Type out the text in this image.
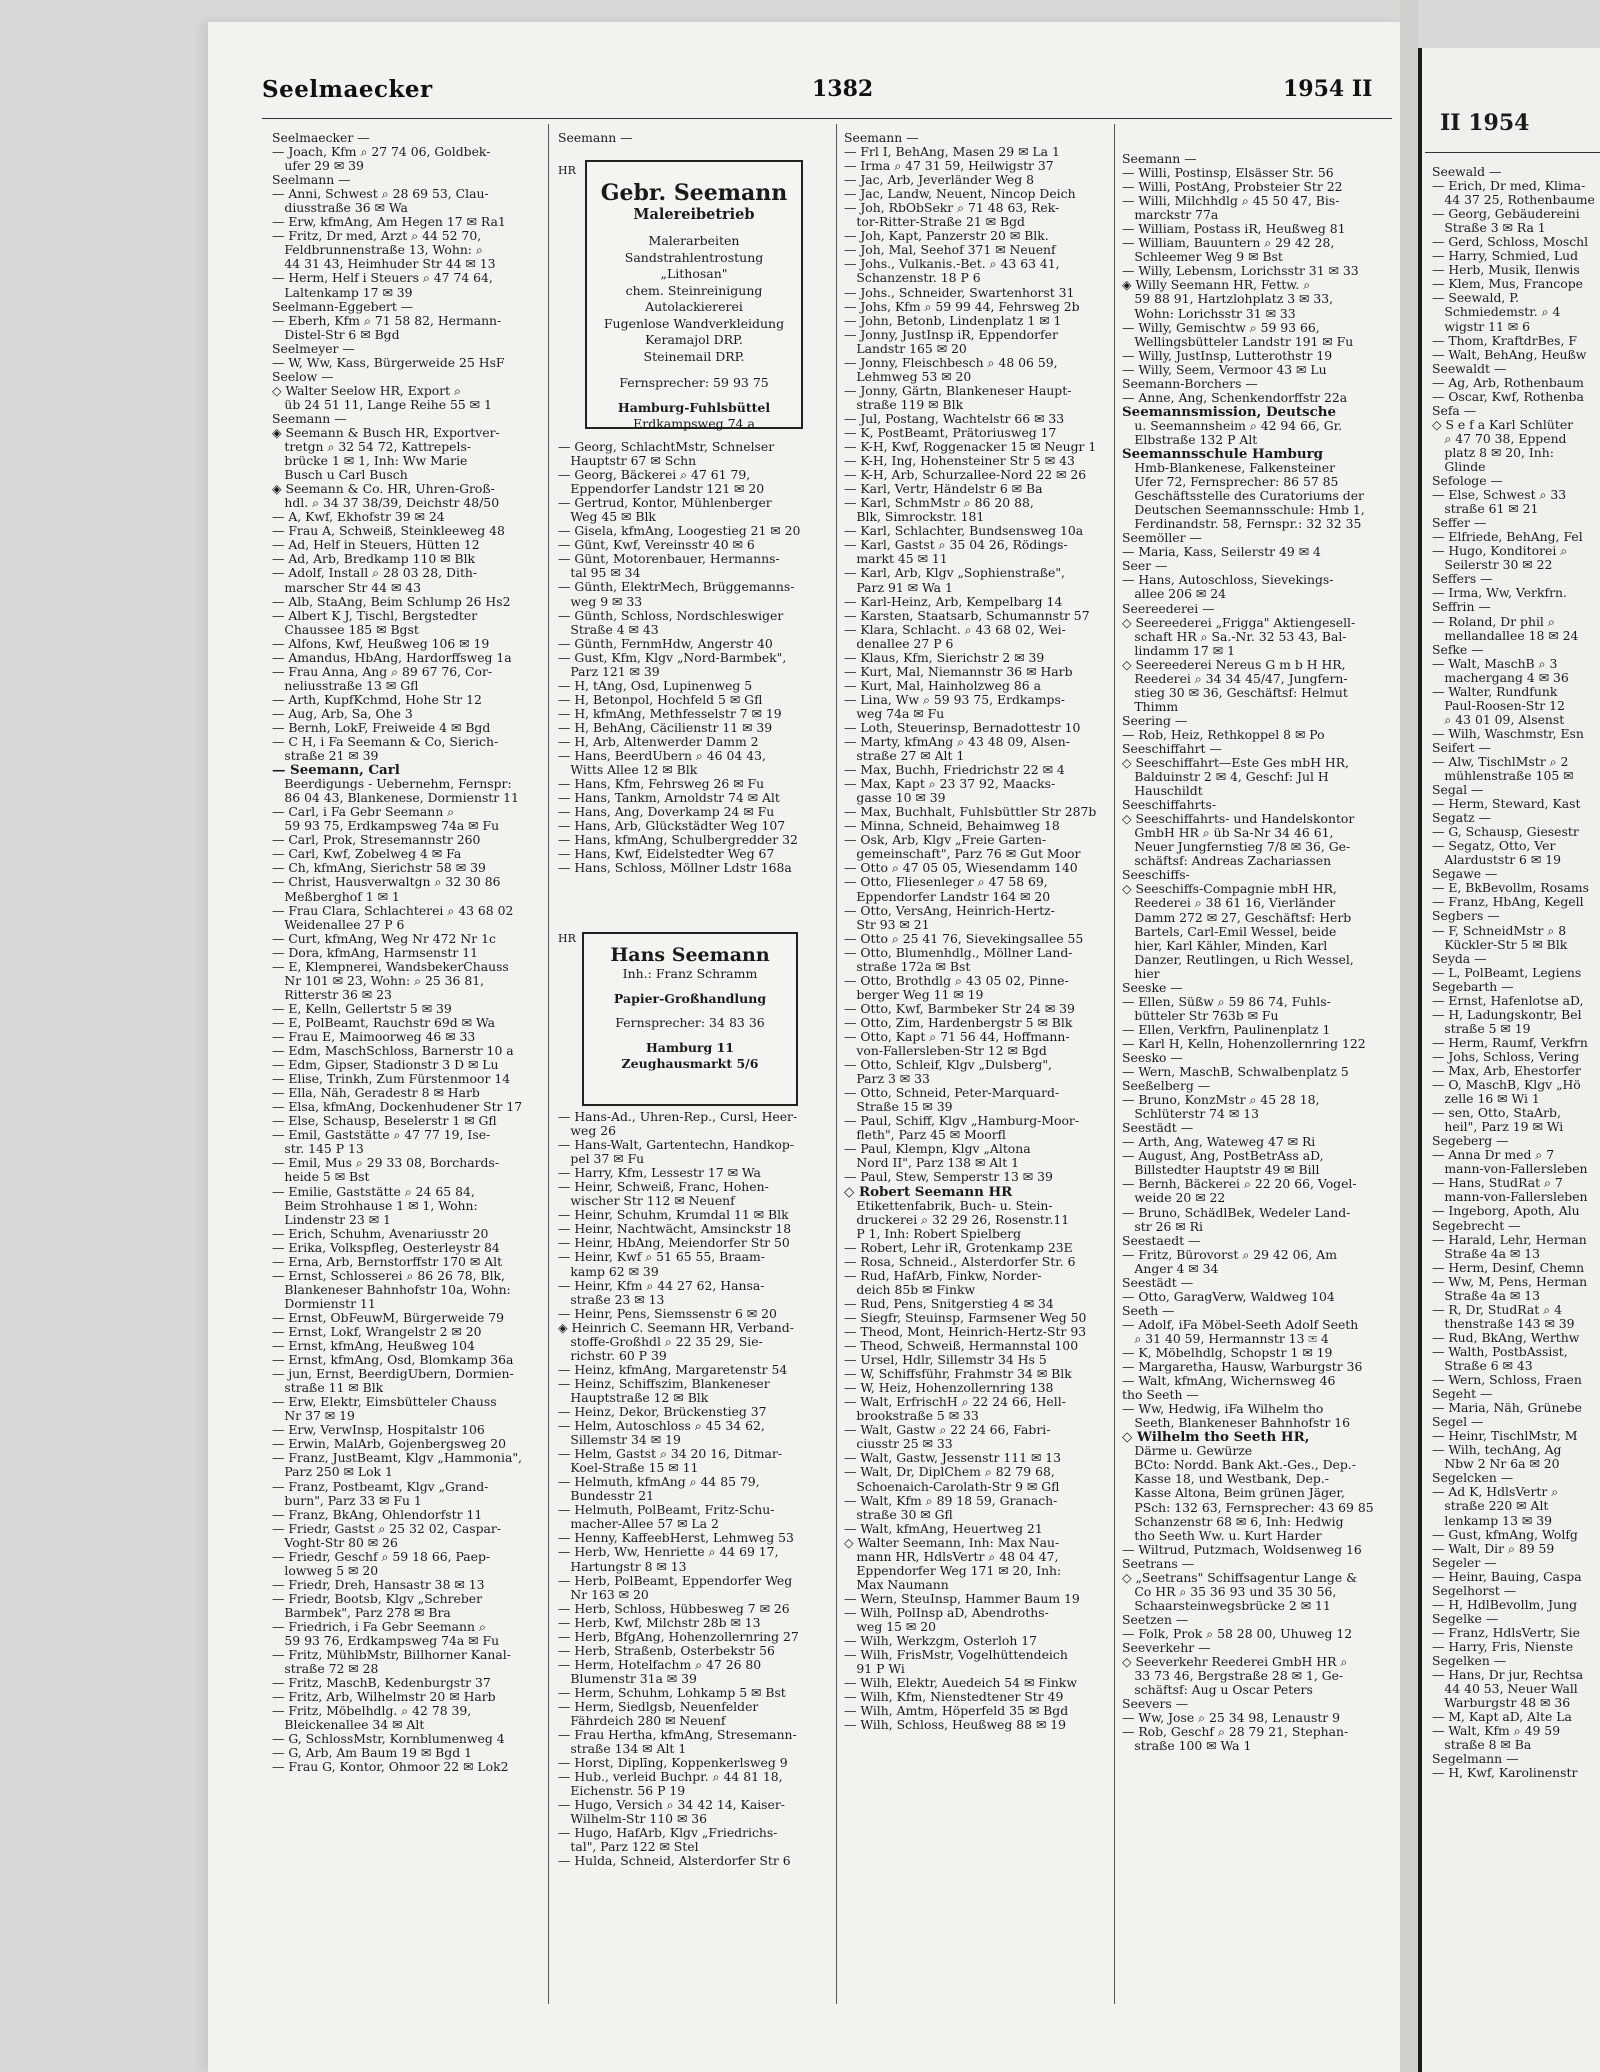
Seelmaecker	1382	1954 II
II 1954
Seelmaecker —
— Joach, Kfm ⌕ 27 74 06, Goldbek-
 ufer 29 ✉ 39
Seelmann —
— Anni, Schwest ⌕ 28 69 53, Clau-
 diusstraße 36 ✉ Wa
— Erw, kfmAng, Am Hegen 17 ✉ Ra1
— Fritz, Dr med, Arzt ⌕ 44 52 70,
 Feldbrunnenstraße 13, Wohn: ⌕
 44 31 43, Heimhuder Str 44 ✉ 13
— Herm, Helf i Steuers ⌕ 47 74 64,
 Laltenkamp 17 ✉ 39
Seelmann-Eggebert —
— Eberh, Kfm ⌕ 71 58 82, Hermann-
 Distel-Str 6 ✉ Bgd
Seelmeyer —
— W, Ww, Kass, Bürgerweide 25 HsF
Seelow —
◇ Walter Seelow HR, Export ⌕
 üb 24 51 11, Lange Reihe 55 ✉ 1
Seemann —
◈ Seemann & Busch HR, Exportver-
 tretgn ⌕ 32 54 72, Kattrepels-
 brücke 1 ✉ 1, Inh: Ww Marie
 Busch u Carl Busch
◈ Seemann & Co. HR, Uhren-Groß-
 hdl. ⌕ 34 37 38/39, Deichstr 48/50
— A, Kwf, Ekhofstr 39 ✉ 24
— Frau A, Schweiß, Steinkleeweg 48
— Ad, Helf in Steuers, Hütten 12
— Ad, Arb, Bredkamp 110 ✉ Blk
— Adolf, Install ⌕ 28 03 28, Dith-
 marscher Str 44 ✉ 43
— Alb, StaAng, Beim Schlump 26 Hs2
— Albert K J, Tischl, Bergstedter
 Chaussee 185 ✉ Bgst
— Alfons, Kwf, Heußweg 106 ✉ 19
— Amandus, HbAng, Hardorffsweg 1a
— Frau Anna, Ang ⌕ 89 67 76, Cor-
 neliusstraße 13 ✉ Gfl
— Arth, KupfKchmd, Hohe Str 12
— Aug, Arb, Sa, Ohe 3
— Bernh, LokF, Freiweide 4 ✉ Bgd
— C H, i Fa Seemann & Co, Sierich-
 straße 21 ✉ 39
— Seemann, Carl
 Beerdigungs - Uebernehm, Fernspr:
 86 04 43, Blankenese, Dormienstr 11
— Carl, i Fa Gebr Seemann ⌕
 59 93 75, Erdkampsweg 74a ✉ Fu
— Carl, Prok, Stresemannstr 260
— Carl, Kwf, Zobelweg 4 ✉ Fa
— Ch, kfmAng, Sierichstr 58 ✉ 39
— Christ, Hausverwaltgn ⌕ 32 30 86
 Meßberghof 1 ✉ 1
— Frau Clara, Schlachterei ⌕ 43 68 02
 Weidenallee 27 P 6
— Curt, kfmAng, Weg Nr 472 Nr 1c
— Dora, kfmAng, Harmsenstr 11
— E, Klempnerei, WandsbekerChauss
 Nr 101 ✉ 23, Wohn: ⌕ 25 36 81,
 Ritterstr 36 ✉ 23
— E, Kelln, Gellertstr 5 ✉ 39
— E, PolBeamt, Rauchstr 69d ✉ Wa
— Frau E, Maimoorweg 46 ✉ 33
— Edm, MaschSchloss, Barnerstr 10 a
— Edm, Gipser, Stadionstr 3 D ✉ Lu
— Elise, Trinkh, Zum Fürstenmoor 14
— Ella, Näh, Geradestr 8 ✉ Harb
— Elsa, kfmAng, Dockenhudener Str 17
— Else, Schausp, Beselerstr 1 ✉ Gfl
— Emil, Gaststätte ⌕ 47 77 19, Ise-
 str. 145 P 13
— Emil, Mus ⌕ 29 33 08, Borchards-
 heide 5 ✉ Bst
— Emilie, Gaststätte ⌕ 24 65 84,
 Beim Strohhause 1 ✉ 1, Wohn:
 Lindenstr 23 ✉ 1
— Erich, Schuhm, Avenariusstr 20
— Erika, Volkspfleg, Oesterleystr 84
— Erna, Arb, Bernstorffstr 170 ✉ Alt
— Ernst, Schlosserei ⌕ 86 26 78, Blk,
 Blankeneser Bahnhofstr 10a, Wohn:
 Dormienstr 11
— Ernst, ObFeuwM, Bürgerweide 79
— Ernst, Lokf, Wrangelstr 2 ✉ 20
— Ernst, kfmAng, Heußweg 104
— Ernst, kfmAng, Osd, Blomkamp 36a
— jun, Ernst, BeerdigUbern, Dormien-
 straße 11 ✉ Blk
— Erw, Elektr, Eimsbütteler Chauss
 Nr 37 ✉ 19
— Erw, VerwInsp, Hospitalstr 106
— Erwin, MalArb, Gojenbergsweg 20
— Franz, JustBeamt, Klgv „Hammonia",
 Parz 250 ✉ Lok 1
— Franz, Postbeamt, Klgv „Grand-
 burn", Parz 33 ✉ Fu 1
— Franz, BkAng, Ohlendorfstr 11
— Friedr, Gastst ⌕ 25 32 02, Caspar-
 Voght-Str 80 ✉ 26
— Friedr, Geschf ⌕ 59 18 66, Paep-
 lowweg 5 ✉ 20
— Friedr, Dreh, Hansastr 38 ✉ 13
— Friedr, Bootsb, Klgv „Schreber
 Barmbek", Parz 278 ✉ Bra
— Friedrich, i Fa Gebr Seemann ⌕
 59 93 76, Erdkampsweg 74a ✉ Fu
— Fritz, MühlbMstr, Billhorner Kanal-
 straße 72 ✉ 28
— Fritz, MaschB, Kedenburgstr 37
— Fritz, Arb, Wilhelmstr 20 ✉ Harb
— Fritz, Möbelhdlg. ⌕ 42 78 39,
 Bleickenallee 34 ✉ Alt
— G, SchlossMstr, Kornblumenweg 4
— G, Arb, Am Baum 19 ✉ Bgd 1
— Frau G, Kontor, Ohmoor 22 ✉ Lok2
Seemann —
HR
Gebr. Seemann
Malereibetrieb
Malerarbeiten
Sandstrahlentrostung
„Lithosan"
chem. Steinreinigung
Autolackiererei
Fugenlose Wandverkleidung
Keramajol DRP.
Steinemail DRP.
Fernsprecher: 59 93 75
Hamburg-Fuhlsbüttel
Erdkampsweg 74 a
— Georg, SchlachtMstr, Schnelser
 Hauptstr 67 ✉ Schn
— Georg, Bäckerei ⌕ 47 61 79,
 Eppendorfer Landstr 121 ✉ 20
— Gertrud, Kontor, Mühlenberger
 Weg 45 ✉ Blk
— Gisela, kfmAng, Loogestieg 21 ✉ 20
— Günt, Kwf, Vereinsstr 40 ✉ 6
— Günt, Motorenbauer, Hermanns-
 tal 95 ✉ 34
— Günth, ElektrMech, Brüggemanns-
 weg 9 ✉ 33
— Günth, Schloss, Nordschleswiger
 Straße 4 ✉ 43
— Günth, FernmHdw, Angerstr 40
— Gust, Kfm, Klgv „Nord-Barmbek",
 Parz 121 ✉ 39
— H, tAng, Osd, Lupinenweg 5
— H, Betonpol, Hochfeld 5 ✉ Gfl
— H, kfmAng, Methfesselstr 7 ✉ 19
— H, BehAng, Cäcilienstr 11 ✉ 39
— H, Arb, Altenwerder Damm 2
— Hans, BeerdUbern ⌕ 46 04 43,
 Witts Allee 12 ✉ Blk
— Hans, Kfm, Fehrsweg 26 ✉ Fu
— Hans, Tankm, Arnoldstr 74 ✉ Alt
— Hans, Ang, Doverkamp 24 ✉ Fu
— Hans, Arb, Glückstädter Weg 107
— Hans, kfmAng, Schulbergredder 32
— Hans, Kwf, Eidelstedter Weg 67
— Hans, Schloss, Möllner Ldstr 168a
HR
Hans Seemann
Inh.: Franz Schramm
Papier-Großhandlung
Fernsprecher: 34 83 36
Hamburg 11
Zeughausmarkt 5/6
— Hans-Ad., Uhren-Rep., Cursl, Heer-
 weg 26
— Hans-Walt, Gartentechn, Handkop-
 pel 37 ✉ Fu
— Harry, Kfm, Lessestr 17 ✉ Wa
— Heinr, Schweiß, Franc, Hohen-
 wischer Str 112 ✉ Neuenf
— Heinr, Schuhm, Krumdal 11 ✉ Blk
— Heinr, Nachtwächt, Amsinckstr 18
— Heinr, HbAng, Meiendorfer Str 50
— Heinr, Kwf ⌕ 51 65 55, Braam-
 kamp 62 ✉ 39
— Heinr, Kfm ⌕ 44 27 62, Hansa-
 straße 23 ✉ 13
— Heinr, Pens, Siemssenstr 6 ✉ 20
◈ Heinrich C. Seemann HR, Verband-
 stoffe-Großhdl ⌕ 22 35 29, Sie-
 richstr. 60 P 39
— Heinz, kfmAng, Margaretenstr 54
— Heinz, Schiffszim, Blankeneser
 Hauptstraße 12 ✉ Blk
— Heinz, Dekor, Brückenstieg 37
— Helm, Autoschloss ⌕ 45 34 62,
 Sillemstr 34 ✉ 19
— Helm, Gastst ⌕ 34 20 16, Ditmar-
 Koel-Straße 15 ✉ 11
— Helmuth, kfmAng ⌕ 44 85 79,
 Bundesstr 21
— Helmuth, PolBeamt, Fritz-Schu-
 macher-Allee 57 ✉ La 2
— Henny, KaffeebHerst, Lehmweg 53
— Herb, Ww, Henriette ⌕ 44 69 17,
 Hartungstr 8 ✉ 13
— Herb, PolBeamt, Eppendorfer Weg
 Nr 163 ✉ 20
— Herb, Schloss, Hübbesweg 7 ✉ 26
— Herb, Kwf, Milchstr 28b ✉ 13
— Herb, BfgAng, Hohenzollernring 27
— Herb, Straßenb, Osterbekstr 56
— Herm, Hotelfachm ⌕ 47 26 80
 Blumenstr 31a ✉ 39
— Herm, Schuhm, Lohkamp 5 ✉ Bst
— Herm, Siedlgsb, Neuenfelder
 Fährdeich 280 ✉ Neuenf
— Frau Hertha, kfmAng, Stresemann-
 straße 134 ✉ Alt 1
— Horst, Diplīng, Koppenkerlsweg 9
— Hub., verleid Buchpr. ⌕ 44 81 18,
 Eichenstr. 56 P 19
— Hugo, Versich ⌕ 34 42 14, Kaiser-
 Wilhelm-Str 110 ✉ 36
— Hugo, HafArb, Klgv „Friedrichs-
 tal", Parz 122 ✉ Stel
— Hulda, Schneid, Alsterdorfer Str 6
Seemann —
— Frl I, BehAng, Masen 29 ✉ La 1
— Irma ⌕ 47 31 59, Heilwigstr 37
— Jac, Arb, Jeverländer Weg 8
— Jac, Landw, Neuent, Nincop Deich
— Joh, RbObSekr ⌕ 71 48 63, Rek-
 tor-Ritter-Straße 21 ✉ Bgd
— Joh, Kapt, Panzerstr 20 ✉ Blk.
— Joh, Mal, Seehof 371 ✉ Neuenf
— Johs., Vulkanis.-Bet. ⌕ 43 63 41,
 Schanzenstr. 18 P 6
— Johs., Schneider, Swartenhorst 31
— Johs, Kfm ⌕ 59 99 44, Fehrsweg 2b
— John, Betonb, Lindenplatz 1 ✉ 1
— Jonny, JustInsp iR, Eppendorfer
 Landstr 165 ✉ 20
— Jonny, Fleischbesch ⌕ 48 06 59,
 Lehmweg 53 ✉ 20
— Jonny, Gärtn, Blankeneser Haupt-
 straße 119 ✉ Blk
— Jul, Postang, Wachtelstr 66 ✉ 33
— K, PostBeamt, Prätoriusweg 17
— K-H, Kwf, Roggenacker 15 ✉ Neugr 1
— K-H, Ing, Hohensteiner Str 5 ✉ 43
— K-H, Arb, Schurzallee-Nord 22 ✉ 26
— Karl, Vertr, Händelstr 6 ✉ Ba
— Karl, SchmMstr ⌕ 86 20 88,
 Blk, Simrockstr. 181
— Karl, Schlachter, Bundsensweg 10a
— Karl, Gastst ⌕ 35 04 26, Rödings-
 markt 45 ✉ 11
— Karl, Arb, Klgv „Sophienstraße",
 Parz 91 ✉ Wa 1
— Karl-Heinz, Arb, Kempelbarg 14
— Karsten, Staatsarb, Schumannstr 57
— Klara, Schlacht. ⌕ 43 68 02, Wei-
 denallee 27 P 6
— Klaus, Kfm, Sierichstr 2 ✉ 39
— Kurt, Mal, Niemannstr 36 ✉ Harb
— Kurt, Mal, Hainholzweg 86 a
— Lina, Ww ⌕ 59 93 75, Erdkamps-
 weg 74a ✉ Fu
— Loth, Steuerinsp, Bernadottestr 10
— Marty, kfmAng ⌕ 43 48 09, Alsen-
 straße 27 ✉ Alt 1
— Max, Buchh, Friedrichstr 22 ✉ 4
— Max, Kapt ⌕ 23 37 92, Maacks-
 gasse 10 ✉ 39
— Max, Buchhalt, Fuhlsbüttler Str 287b
— Minna, Schneid, Behaimweg 18
— Osk, Arb, Klgv „Freie Garten-
 gemeinschaft", Parz 76 ✉ Gut Moor
— Otto ⌕ 47 05 05, Wiesendamm 140
— Otto, Fliesenleger ⌕ 47 58 69,
 Eppendorfer Landstr 164 ✉ 20
— Otto, VersAng, Heinrich-Hertz-
 Str 93 ✉ 21
— Otto ⌕ 25 41 76, Sievekingsallee 55
— Otto, Blumenhdlg., Möllner Land-
 straße 172a ✉ Bst
— Otto, Brothdlg ⌕ 43 05 02, Pinne-
 berger Weg 11 ✉ 19
— Otto, Kwf, Barmbeker Str 24 ✉ 39
— Otto, Zim, Hardenbergstr 5 ✉ Blk
— Otto, Kapt ⌕ 71 56 44, Hoffmann-
 von-Fallersleben-Str 12 ✉ Bgd
— Otto, Schleif, Klgv „Dulsberg",
 Parz 3 ✉ 33
— Otto, Schneid, Peter-Marquard-
 Straße 15 ✉ 39
— Paul, Schiff, Klgv „Hamburg-Moor-
 fleth", Parz 45 ✉ Moorfl
— Paul, Klempn, Klgv „Altona
 Nord II", Parz 138 ✉ Alt 1
— Paul, Stew, Semperstr 13 ✉ 39
◇ Robert Seemann HR
 Etikettenfabrik, Buch- u. Stein-
 druckerei ⌕ 32 29 26, Rosenstr.11
 P 1, Inh: Robert Spielberg
— Robert, Lehr iR, Grotenkamp 23E
— Rosa, Schneid., Alsterdorfer Str. 6
— Rud, HafArb, Finkw, Norder-
 deich 85b ✉ Finkw
— Rud, Pens, Snitgerstieg 4 ✉ 34
— Siegfr, Steuinsp, Farmsener Weg 50
— Theod, Mont, Heinrich-Hertz-Str 93
— Theod, Schweiß, Hermannstal 100
— Ursel, Hdlr, Sillemstr 34 Hs 5
— W, Schiffsführ, Frahmstr 34 ✉ Blk
— W, Heiz, Hohenzollernring 138
— Walt, ErfrischH ⌕ 22 24 66, Hell-
 brookstraße 5 ✉ 33
— Walt, Gastw ⌕ 22 24 66, Fabri-
 ciusstr 25 ✉ 33
— Walt, Gastw, Jessenstr 111 ✉ 13
— Walt, Dr, DiplChem ⌕ 82 79 68,
 Schoenaich-Carolath-Str 9 ✉ Gfl
— Walt, Kfm ⌕ 89 18 59, Granach-
 straße 30 ✉ Gfl
— Walt, kfmAng, Heuertweg 21
◇ Walter Seemann, Inh: Max Nau-
 mann HR, HdlsVertr ⌕ 48 04 47,
 Eppendorfer Weg 171 ✉ 20, Inh:
 Max Naumann
— Wern, SteuInsp, Hammer Baum 19
— Wilh, PolInsp aD, Abendroths-
 weg 15 ✉ 20
— Wilh, Werkzgm, Osterloh 17
— Wilh, FrisMstr, Vogelhüttendeich
 91 P Wi
— Wilh, Elektr, Auedeich 54 ✉ Finkw
— Wilh, Kfm, Nienstedtener Str 49
— Wilh, Amtm, Höperfeld 35 ✉ Bgd
— Wilh, Schloss, Heußweg 88 ✉ 19
Seemann —
— Willi, Postinsp, Elsässer Str. 56
— Willi, PostAng, Probsteier Str 22
— Willi, Milchhdlg ⌕ 45 50 47, Bis-
 marckstr 77a
— William, Postass iR, Heußweg 81
— William, Bauuntern ⌕ 29 42 28,
 Schleemer Weg 9 ✉ Bst
— Willy, Lebensm, Lorichsstr 31 ✉ 33
◈ Willy Seemann HR, Fettw. ⌕
 59 88 91, Hartzlohplatz 3 ✉ 33,
 Wohn: Lorichsstr 31 ✉ 33
— Willy, Gemischtw ⌕ 59 93 66,
 Wellingsbütteler Landstr 191 ✉ Fu
— Willy, JustInsp, Lutterothstr 19
— Willy, Seem, Vermoor 43 ✉ Lu
Seemann-Borchers —
— Anne, Ang, Schenkendorffstr 22a
Seemannsmission, Deutsche
 u. Seemannsheim ⌕ 42 94 66, Gr.
 Elbstraße 132 P Alt
Seemannsschule Hamburg
 Hmb-Blankenese, Falkensteiner
 Ufer 72, Fernsprecher: 86 57 85
 Geschäftsstelle des Curatoriums der
 Deutschen Seemannsschule: Hmb 1,
 Ferdinandstr. 58, Fernspr.: 32 32 35
Seemöller —
— Maria, Kass, Seilerstr 49 ✉ 4
Seer —
— Hans, Autoschloss, Sievekings-
 allee 206 ✉ 24
Seereederei —
◇ Seereederei „Frigga" Aktiengesell-
 schaft HR ⌕ Sa.-Nr. 32 53 43, Bal-
 lindamm 17 ✉ 1
◇ Seereederei Nereus G m b H HR,
 Reederei ⌕ 34 34 45/47, Jungfern-
 stieg 30 ✉ 36, Geschäftsf: Helmut
 Thimm
Seering —
— Rob, Heiz, Rethkoppel 8 ✉ Po
Seeschiffahrt —
◇ Seeschiffahrt—Este Ges mbH HR,
 Balduinstr 2 ✉ 4, Geschf: Jul H
 Hauschildt
Seeschiffahrts-
◇ Seeschiffahrts- und Handelskontor
 GmbH HR ⌕ üb Sa-Nr 34 46 61,
 Neuer Jungfernstieg 7/8 ✉ 36, Ge-
 schäftsf: Andreas Zachariassen
Seeschiffs-
◇ Seeschiffs-Compagnie mbH HR,
 Reederei ⌕ 38 61 16, Vierländer
 Damm 272 ✉ 27, Geschäftsf: Herb
 Bartels, Carl-Emil Wessel, beide
 hier, Karl Kähler, Minden, Karl
 Danzer, Reutlingen, u Rich Wessel,
 hier
Seeske —
— Ellen, Süßw ⌕ 59 86 74, Fuhls-
 bütteler Str 763b ✉ Fu
— Ellen, Verkfrn, Paulinenplatz 1
— Karl H, Kelln, Hohenzollernring 122
Seesko —
— Wern, MaschB, Schwalbenplatz 5
Seeßelberg —
— Bruno, KonzMstr ⌕ 45 28 18,
 Schlüterstr 74 ✉ 13
Seestädt —
— Arth, Ang, Wateweg 47 ✉ Ri
— August, Ang, PostBetrAss aD,
 Billstedter Hauptstr 49 ✉ Bill
— Bernh, Bäckerei ⌕ 22 20 66, Vogel-
 weide 20 ✉ 22
— Bruno, SchädlBek, Wedeler Land-
 str 26 ✉ Ri
Seestaedt —
— Fritz, Bürovorst ⌕ 29 42 06, Am
 Anger 4 ✉ 34
Seestädt —
— Otto, GaragVerw, Waldweg 104
Seeth —
— Adolf, iFa Möbel-Seeth Adolf Seeth
 ⌕ 31 40 59, Hermannstr 13 ✉ 4
— K, Möbelhdlg, Schopstr 1 ✉ 19
— Margaretha, Hausw, Warburgstr 36
— Walt, kfmAng, Wichernsweg 46
tho Seeth —
— Ww, Hedwig, iFa Wilhelm tho
 Seeth, Blankeneser Bahnhofstr 16
◇ Wilhelm tho Seeth HR,
 Därme u. Gewürze
 BCto: Nordd. Bank Akt.-Ges., Dep.-
 Kasse 18, und Westbank, Dep.-
 Kasse Altona, Beim grünen Jäger,
 PSch: 132 63, Fernsprecher: 43 69 85
 Schanzenstr 68 ✉ 6, Inh: Hedwig
 tho Seeth Ww. u. Kurt Harder
— Wiltrud, Putzmach, Woldsenweg 16
Seetrans —
◇ „Seetrans" Schiffsagentur Lange &
 Co HR ⌕ 35 36 93 und 35 30 56,
 Schaarsteinwegsbrücke 2 ✉ 11
Seetzen —
— Folk, Prok ⌕ 58 28 00, Uhuweg 12
Seeverkehr —
◇ Seeverkehr Reederei GmbH HR ⌕
 33 73 46, Bergstraße 28 ✉ 1, Ge-
 schäftsf: Aug u Oscar Peters
Seevers —
— Ww, Jose ⌕ 25 34 98, Lenaustr 9
— Rob, Geschf ⌕ 28 79 21, Stephan-
 straße 100 ✉ Wa 1
Seewald —
— Erich, Dr med, Klima-
 44 37 25, Rothenbaume
— Georg, Gebäudereini
 Straße 3 ✉ Ra 1
— Gerd, Schloss, Moschl
— Harry, Schmied, Lud
— Herb, Musik, Ilenwis
— Klem, Mus, Francope
— Seewald, P.
 Schmiedemstr. ⌕ 4
 wigstr 11 ✉ 6
— Thom, KraftdrBes, F
— Walt, BehAng, Heußw
Seewaldt —
— Ag, Arb, Rothenbaum
— Oscar, Kwf, Rothenba
Sefa —
◇ S e f a Karl Schlüter
 ⌕ 47 70 38, Eppend
 platz 8 ✉ 20, Inh:
 Glinde
Sefologe —
— Else, Schwest ⌕ 33
 straße 61 ✉ 21
Seffer —
— Elfriede, BehAng, Fel
— Hugo, Konditorei ⌕
 Seilerstr 30 ✉ 22
Seffers —
— Irma, Ww, Verkfrn.
Seffrin —
— Roland, Dr phil ⌕
 mellandallee 18 ✉ 24
Sefke —
— Walt, MaschB ⌕ 3
 machergang 4 ✉ 36
— Walter, Rundfunk
 Paul-Roosen-Str 12
 ⌕ 43 01 09, Alsenst
— Wilh, Waschmstr, Esn
Seifert —
— Alw, TischlMstr ⌕ 2
 mühlenstraße 105 ✉
Segal —
— Herm, Steward, Kast
Segatz —
— G, Schausp, Giesestr
— Segatz, Otto, Ver
 Alarduststr 6 ✉ 19
Segawe —
— E, BkBevollm, Rosams
— Franz, HbAng, Kegell
Segbers —
— F, SchneidMstr ⌕ 8
 Kückler-Str 5 ✉ Blk
Seyda —
— L, PolBeamt, Legiens
Segebarth —
— Ernst, Hafenlotse aD,
— H, Ladungskontr, Bel
 straße 5 ✉ 19
— Herm, Raumf, Verkfrn
— Johs, Schloss, Vering
— Max, Arb, Ehestorfer
— O, MaschB, Klgv „Hö
 zelle 16 ✉ Wi 1
— sen, Otto, StaArb,
 heil", Parz 19 ✉ Wi
Segeberg —
— Anna Dr med ⌕ 7
 mann-von-Fallersleben
— Hans, StudRat ⌕ 7
 mann-von-Fallersleben
— Ingeborg, Apoth, Alu
Segebrecht —
— Harald, Lehr, Herman
 Straße 4a ✉ 13
— Herm, Desinf, Chemn
— Ww, M, Pens, Herman
 Straße 4a ✉ 13
— R, Dr, StudRat ⌕ 4
 thenstraße 143 ✉ 39
— Rud, BkAng, Werthw
— Walth, PostbAssist,
 Straße 6 ✉ 43
— Wern, Schloss, Fraen
Segeht —
— Maria, Näh, Grünebe
Segel —
— Heinr, TischlMstr, M
— Wilh, techAng, Ag
 Nbw 2 Nr 6a ✉ 20
Segelcken —
— Ad K, HdlsVertr ⌕
 straße 220 ✉ Alt
 lenkamp 13 ✉ 39
— Gust, kfmAng, Wolfg
— Walt, Dir ⌕ 89 59
Segeler —
— Heinr, Bauing, Caspa
Segelhorst —
— H, HdlBevollm, Jung
Segelke —
— Franz, HdlsVertr, Sie
— Harry, Fris, Nienste
Segelken —
— Hans, Dr jur, Rechtsa
 44 40 53, Neuer Wall
 Warburgstr 48 ✉ 36
— M, Kapt aD, Alte La
— Walt, Kfm ⌕ 49 59
 straße 8 ✉ Ba
Segelmann —
— H, Kwf, Karolinenstr
